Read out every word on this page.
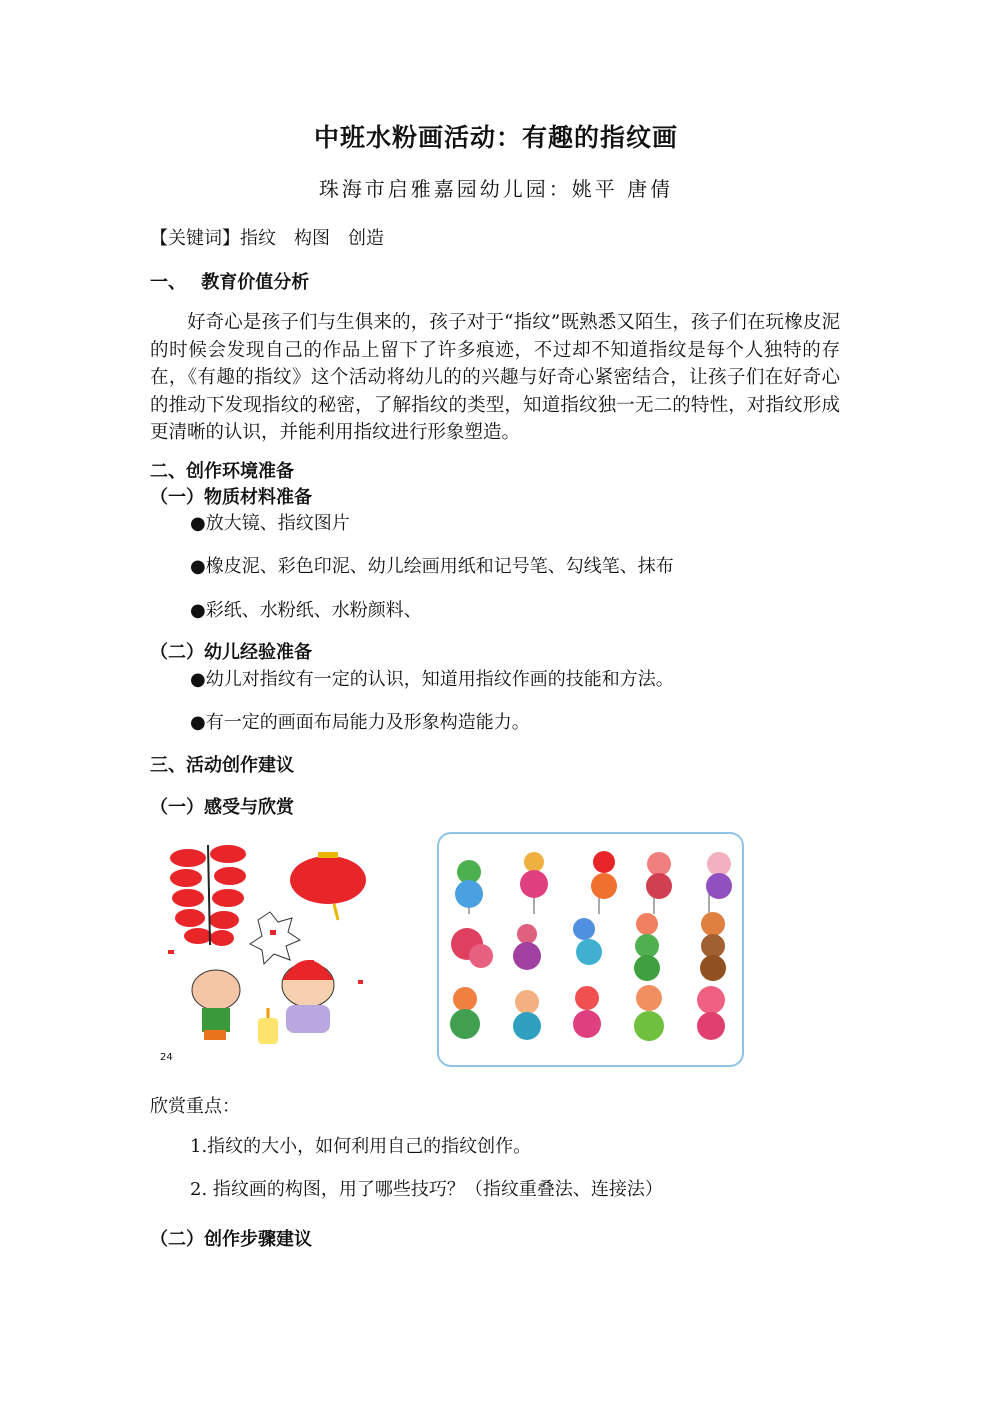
中班水粉画活动：有趣的指纹画
珠海市启雅嘉园幼儿园：姚平 唐倩
【关键词】指纹　构图　创造
一、　 教育价值分析
好奇心是孩子们与生俱来的，孩子对于“指纹”既熟悉又陌生，孩子们在玩橡皮泥的时候会发现自己的作品上留下了许多痕迹，不过却不知道指纹是每个人独特的存在，《有趣的指纹》这个活动将幼儿的的兴趣与好奇心紧密结合，让孩子们在好奇心的推动下发现指纹的秘密，了解指纹的类型，知道指纹独一无二的特性，对指纹形成更清晰的认识，并能利用指纹进行形象塑造。
二、创作环境准备
（一）物质材料准备
●放大镜、指纹图片
●橡皮泥、彩色印泥、幼儿绘画用纸和记号笔、勾线笔、抹布
●彩纸、水粉纸、水粉颜料、
（二）幼儿经验准备
●幼儿对指纹有一定的认识，知道用指纹作画的技能和方法。
●有一定的画面布局能力及形象构造能力。
三、活动创作建议
（一）感受与欣赏
24
欣赏重点：
1.指纹的大小，如何利用自己的指纹创作。
2. 指纹画的构图，用了哪些技巧？（指纹重叠法、连接法）
（二）创作步骤建议
